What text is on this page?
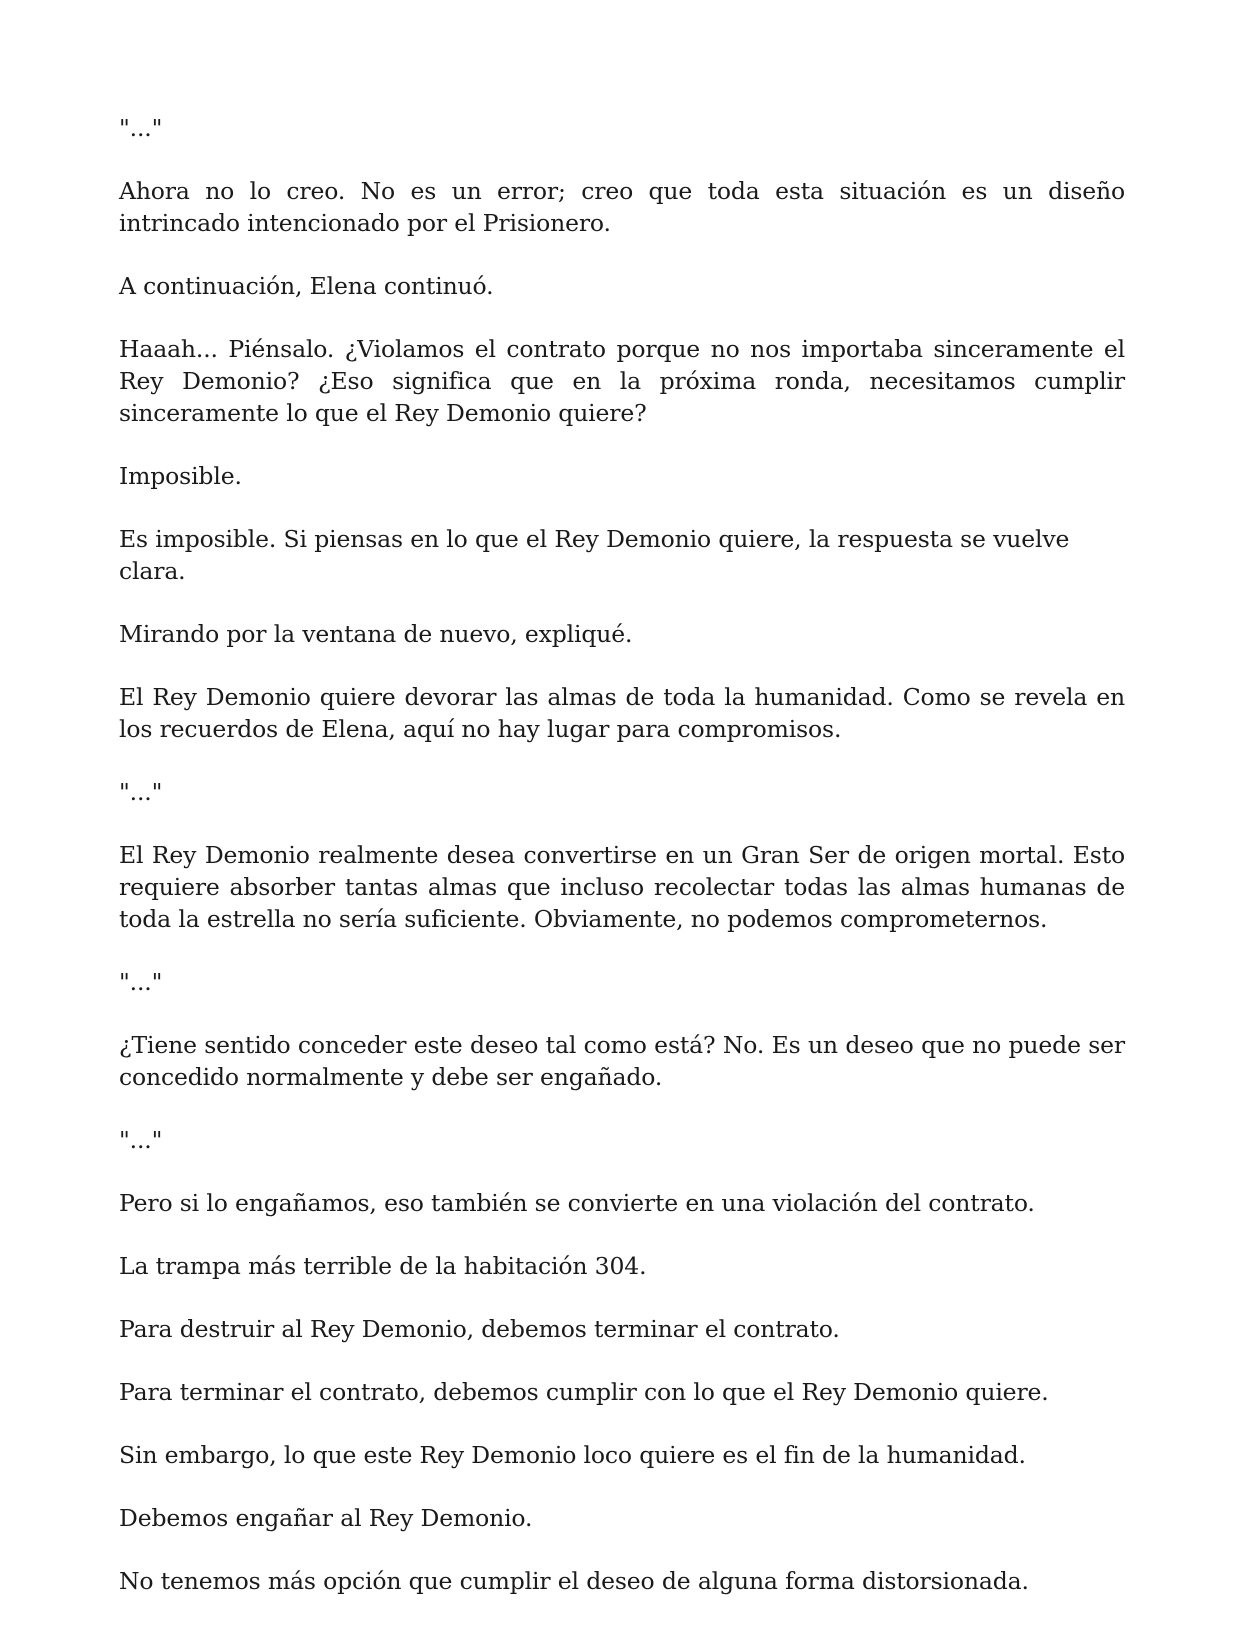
"..."

Ahora no lo creo. No es un error; creo que toda esta situación es un diseño intrincado intencionado por el Prisionero.

A continuación, Elena continuó.

Haaah... Piénsalo. ¿Violamos el contrato porque no nos importaba sinceramente el Rey Demonio? ¿Eso significa que en la próxima ronda, necesitamos cumplir sinceramente lo que el Rey Demonio quiere?

Imposible.

Es imposible. Si piensas en lo que el Rey Demonio quiere, la respuesta se vuelve clara.

Mirando por la ventana de nuevo, expliqué.

El Rey Demonio quiere devorar las almas de toda la humanidad. Como se revela en los recuerdos de Elena, aquí no hay lugar para compromisos.

"..."

El Rey Demonio realmente desea convertirse en un Gran Ser de origen mortal. Esto requiere absorber tantas almas que incluso recolectar todas las almas humanas de toda la estrella no sería suficiente. Obviamente, no podemos comprometernos.

"..."

¿Tiene sentido conceder este deseo tal como está? No. Es un deseo que no puede ser concedido normalmente y debe ser engañado.

"..."

Pero si lo engañamos, eso también se convierte en una violación del contrato.

La trampa más terrible de la habitación 304.

Para destruir al Rey Demonio, debemos terminar el contrato.

Para terminar el contrato, debemos cumplir con lo que el Rey Demonio quiere.

Sin embargo, lo que este Rey Demonio loco quiere es el fin de la humanidad.

Debemos engañar al Rey Demonio.

No tenemos más opción que cumplir el deseo de alguna forma distorsionada.
